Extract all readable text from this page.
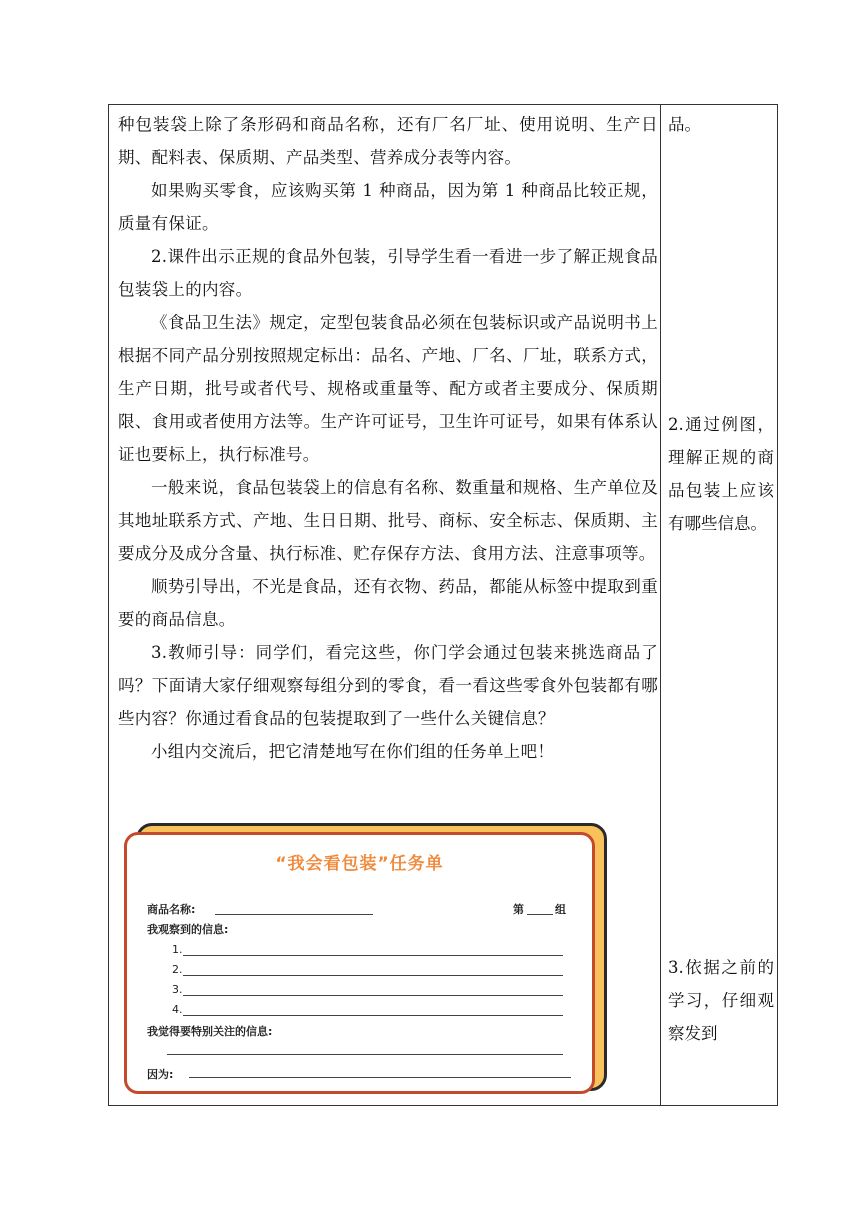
种包装袋上除了条形码和商品名称，还有厂名厂址、使用说明、生产日期、配料表、保质期、产品类型、营养成分表等内容。

如果购买零食，应该购买第 1 种商品，因为第 1 种商品比较正规，质量有保证。

2.课件出示正规的食品外包装，引导学生看一看进一步了解正规食品包装袋上的内容。

《食品卫生法》规定，定型包装食品必须在包装标识或产品说明书上根据不同产品分别按照规定标出：品名、产地、厂名、厂址，联系方式，生产日期，批号或者代号、规格或重量等、配方或者主要成分、保质期限、食用或者使用方法等。生产许可证号，卫生许可证号，如果有体系认证也要标上，执行标准号。

一般来说，食品包装袋上的信息有名称、数重量和规格、生产单位及其地址联系方式、产地、生日日期、批号、商标、安全标志、保质期、主要成分及成分含量、执行标准、贮存保存方法、食用方法、注意事项等。

顺势引导出，不光是食品，还有衣物、药品，都能从标签中提取到重要的商品信息。

3.教师引导：同学们，看完这些，你门学会通过包装来挑选商品了吗？下面请大家仔细观察每组分到的零食，看一看这些零食外包装都有哪些内容？你通过看食品的包装提取到了一些什么关键信息？

小组内交流后，把它清楚地写在你们组的任务单上吧！

品。
2.通过例图，理解正规的商品包装上应该有哪些信息。
3.依据之前的学习，仔细观察发到
“我会看包装”任务单
商品名称:	第	组
我观察到的信息:
1.
2.
3.
4.
我觉得要特别关注的信息:
因为:
